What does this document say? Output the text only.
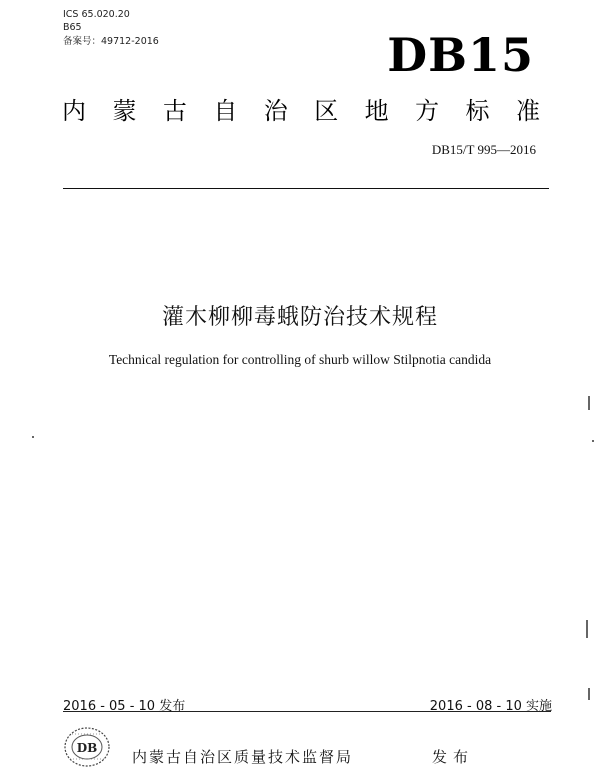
ICS 65.020.20
B65
备案号：49712-2016	DB15
内 蒙 古 自 治 区 地 方 标 准
DB15/T 995—2016
灌木柳柳毒蛾防治技术规程
Technical regulation for controlling of shurb willow Stilpnotia candida
2016 - 05 - 10 发布	2016 - 08 - 10 实施
DB 内蒙古自治区质量技术监督局	发布
